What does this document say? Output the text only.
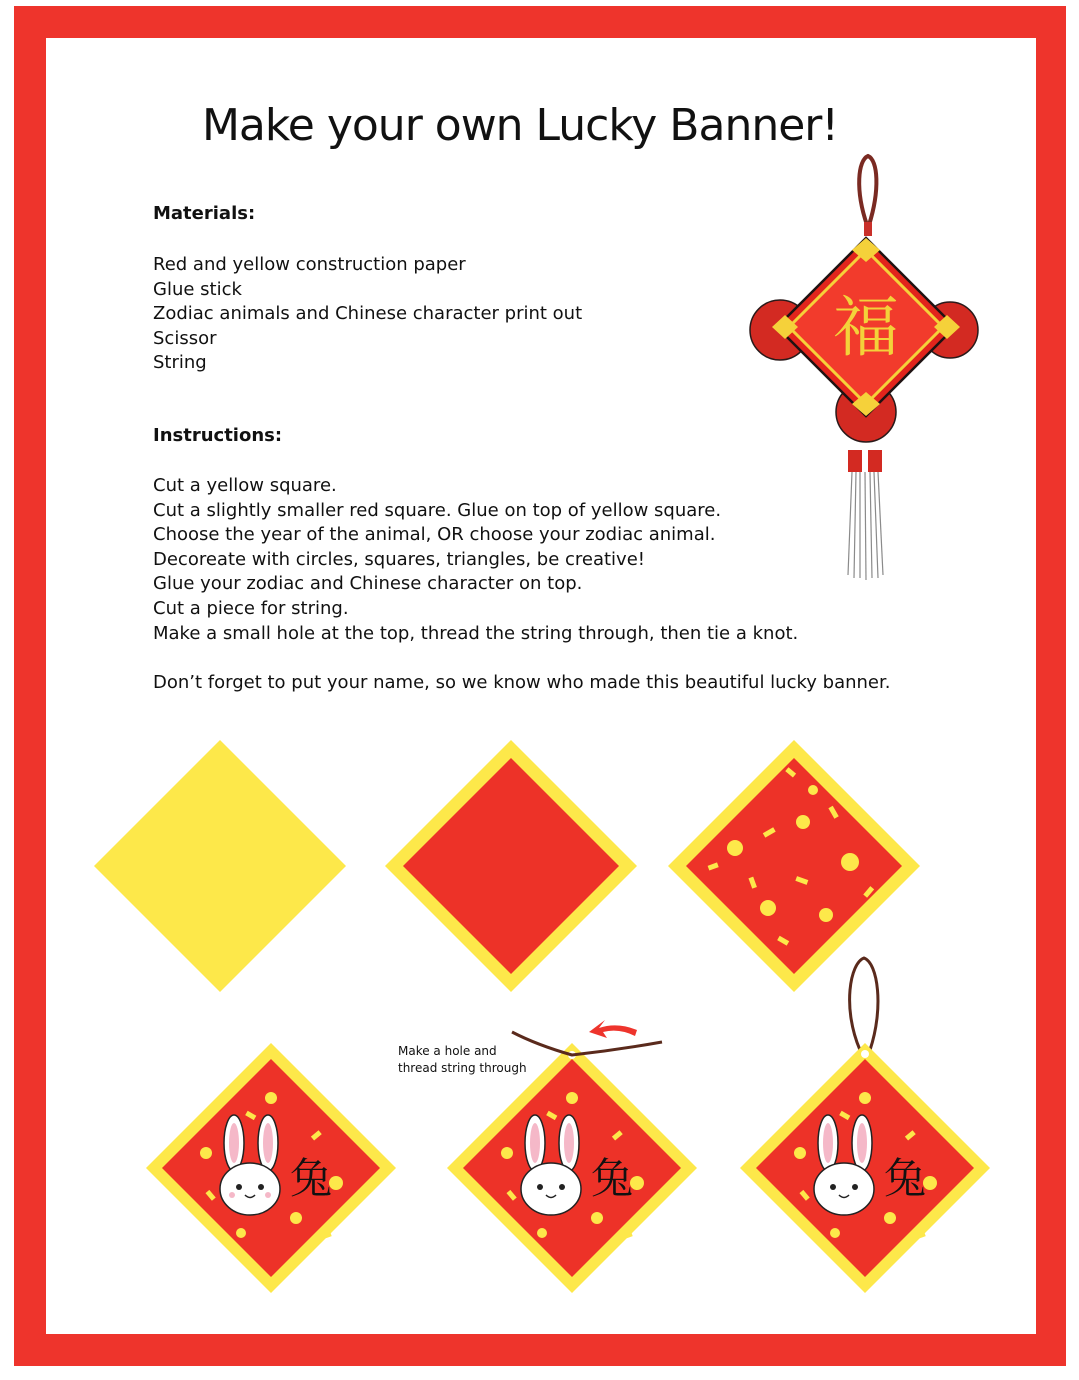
Make your own Lucky Banner!
Materials:
Red and yellow construction paper
Glue stick
Zodiac animals and Chinese character print out
Scissor
String
Instructions:
Cut a yellow square.
Cut a slightly smaller red square. Glue on top of yellow square.
Choose the year of the animal, OR choose your zodiac animal.
Decoreate with circles, squares, triangles, be creative!
Glue your zodiac and Chinese character on top.
Cut a piece for string.
Make a small hole at the top, thread the string through, then tie a knot.
Don’t forget to put your name, so we know who made this beautiful lucky banner.
福
兔	兔
Make a hole and
thread string through
兔
